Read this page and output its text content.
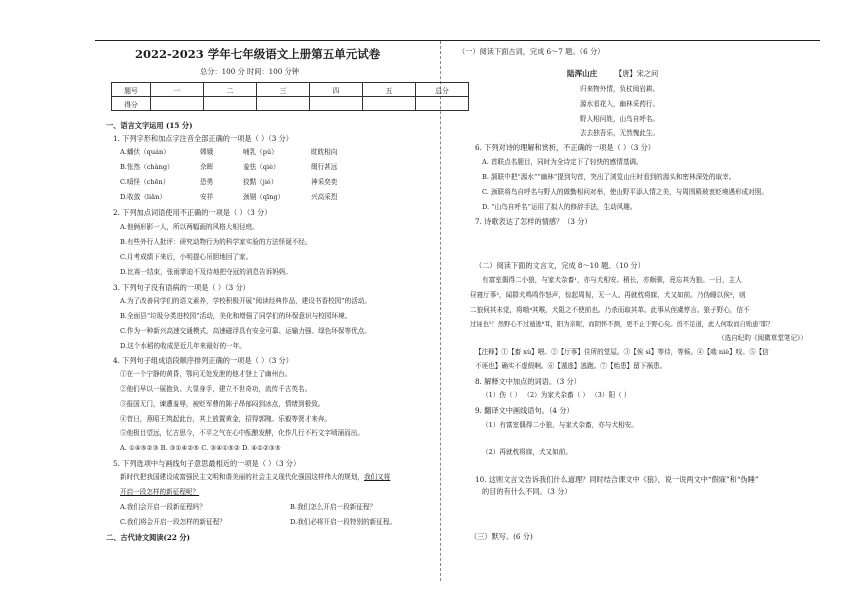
2022-2023 学年七年级语文上册第五单元试卷
总分：100 分 时间：100 分钟
题号	一	二	三	四	五	总分
得分						
一、语言文字运用 (15 分)
1. 下列字形和加点字注音全部正确的一项是（ ）（3 分）
A.蟠伏（quán）	嫦娥	哺乳（pǔ）	眈眈相向
B.怅然（chàng）	佘晖	羞怯（qiè）	缀行甚远
C.嗔怪（chēn）	恐勇	狡黠（jié）	神采奕奕
D.收敛（liǎn）	安祥	颈剔（qīng）	兴高采烈
2. 下列加点词语使用不正确的一项是（ ）（3 分）
A.他俩形影一人，所以两幅画的风格大相径庭。
B.有些外行人批评：研究动物行为的科学家实验的方法怪诞不经。
C.月考成绩下来后，小明提心吊胆地回了家。
D.比赛一结束，张雨霏迫不及待地把夺冠的消息告诉妈妈。
3. 下列句子没有语病的一项是（ ）（3 分）
A.为了改善同学们的语文素养，学校积极开展“阅读经典作品，建设书香校园”的活动。
B.全面县“垃圾分类进校园”活动，美化和增强了同学们的环保意识与校园环境。
C.作为一种新兴高速交通模式，高速磁浮具有安全可靠、运输力强、绿色环保等优点。
D.这个水稻的收成是近几年来最好的一年。
4. 下列句子组成语段顺序排列正确的一项是（ ）（3 分）
①在一个宁静的黄昏，鄂问无处发泄的他才登上了幽州台。
②他们早以一展抱负、大显身手，建立不世奇功，流传千古英名。
③报国无门，谏遭羞辱，被贬军曹的陈子昂郁闷到冰点，情绪到极致。
④昔日，燕昭王筑起此台，其上放置黄金，招得郭隗、乐毅等贤才来奔。
⑤他极目望远，忆古思今，不平之气在心中酝酿发酵，化作几行不朽文字喷涌而出。
A. ①④⑤②③ B. ③①④②⑤ C. ③④①⑤② D. ④①②③⑤
5. 下列选项中与画线句子意思最相近的一项是（ ）（3 分）
新时代把我国建设成富强民主文明和谐美丽的社会主义现代化强国这样伟大的规划，我们又将
开启一段怎样的新征程呢？
A.我们会开启一段新征程吗？	B.我们怎么开启一段新征程？
C.我们将会开启一段怎样的新征程？	D.我们必将开启一段特别的新征程。
二、古代诗文阅读(22 分)
（一）阅读下面古词，完成 6～7 题。（6 分）
陆浑山庄 【唐】宋之问
归来物外情，负杖阅岩耕。
源水看花入，幽林采药行。
野人相问姓，山鸟自呼名。
去去独吾乐，无然愧此生。
6. 下列对诗的理解和赏析，不正确的一项是（ ）（3 分）
A. 首联点名题目，同时为全诗定下了轻快的感情基调。
B. 颔联中把“源水”“幽林”提到句首，突出了浏览山庄时看到的源头和密林深处的取幸。
C. 颈联将鸟自呼名与野人的做勤相问对举，使山野平添人情之美，与周围殿玻衷贬境遇形成对照。
D. “山鸟自呼名”运用了拟人的修辞手法，生动风趣。
7. 诗歌表达了怎样的情感？（3 分）
（二）阅读下面的文言文，完成 8～10 题。（10 分）
有富室偶得二小狼，与家犬杂畜¹，亦与犬相安。稍长，亦颇驯，竟忘其为狼。一日，主人
昼寝厅事²，闻群犬鸣鸣作怒声，惊起周视，无一人。再就枕将寐，犬又如前。乃伪睡以俟³，则
二狼伺其未觉，将啮⁴其喉，犬阻之不使前也。乃杀而取其革。此事从侄虞惇言。狼子野心，信不
过诬也⁵！然野心不过遁逃⁶耳，阳为亲昵，而阴怀不测，更不止于野心矣。兽不足道，此人何取而自贻患⁷耶？
（选自纪昀《阅微草堂笔记》）
【注释】①【畜 xù】喂。②【厅事】住所的堂屋。③【俟 sì】等待，等候。④【啮 niè】咬。⑤【信
不诬也】确实不虚假啊。⑥【遁逃】逃跑。⑦【贻患】留下祸患。
8. 解释文中加点的词语。（3 分）
（1）伤（ ） （2）为家犬杂畜（ ） （3）阳（ ）
9. 翻译文中画线语句。（4 分）
（1）有富室偶得二小狼，与家犬杂畜，亦与犬相安。
（2）再就枕将寐，犬又如前。
10. 这则文言文告诉我们什么道理？同时结合课文中《狼》，说一说两文中“假寐”和“伪睡”
的目的有什么不同。（3 分）
（三）默写。(6 分)
